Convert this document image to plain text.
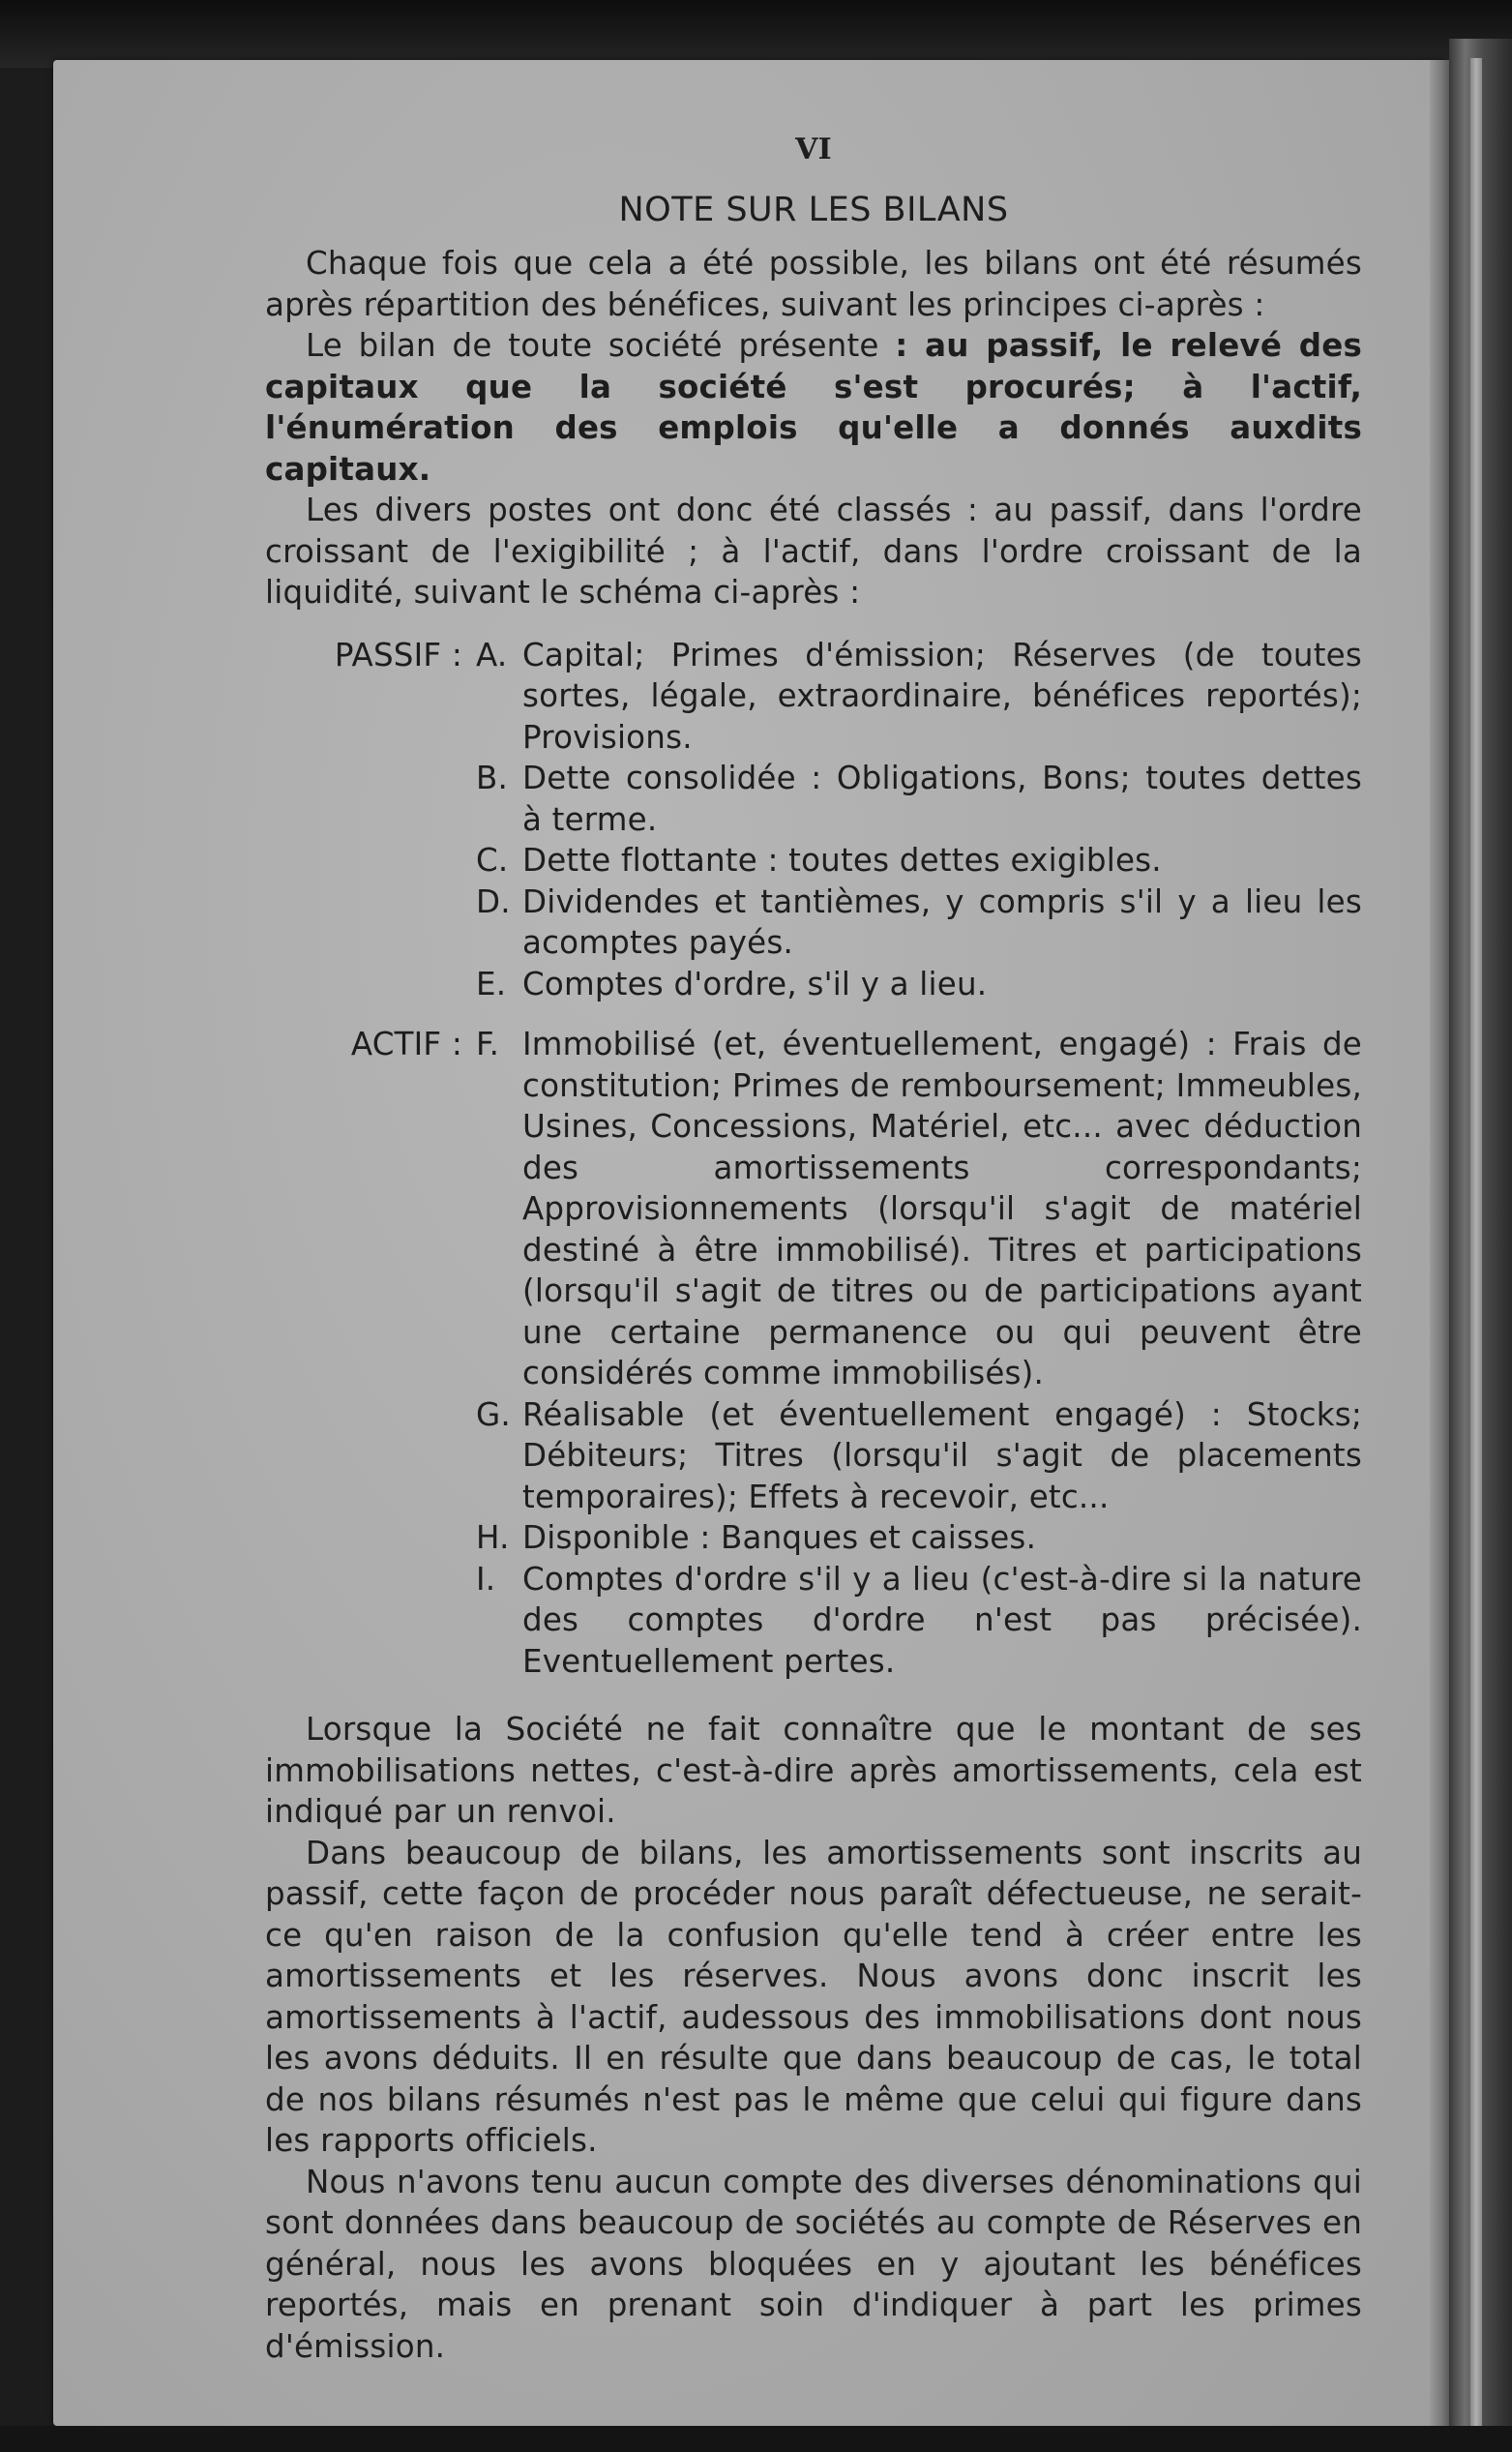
VI
NOTE SUR LES BILANS

Chaque fois que cela a été possible, les bilans ont été résumés après répartition des bénéfices, suivant les principes ci-après :

Le bilan de toute société présente : au passif, le relevé des capitaux que la société s'est procurés; à l'actif, l'énumération des emplois qu'elle a donnés auxdits capitaux.

Les divers postes ont donc été classés : au passif, dans l'ordre croissant de l'exigibilité ; à l'actif, dans l'ordre croissant de la liquidité, suivant le schéma ci-après :

PASSIF : A. Capital; Primes d'émission; Réserves (de toutes sortes, légale, extraordinaire, bénéfices reportés); Provisions.
B. Dette consolidée : Obligations, Bons; toutes dettes à terme.
C. Dette flottante : toutes dettes exigibles.
D. Dividendes et tantièmes, y compris s'il y a lieu les acomptes payés.
E. Comptes d'ordre, s'il y a lieu.
ACTIF : F. Immobilisé (et, éventuellement, engagé) : Frais de constitution; Primes de remboursement; Immeubles, Usines, Concessions, Matériel, etc... avec déduction des amortissements correspondants; Approvisionnements (lorsqu'il s'agit de matériel destiné à être immobilisé). Titres et participations (lorsqu'il s'agit de titres ou de participations ayant une certaine permanence ou qui peuvent être considérés comme immobilisés).
G. Réalisable (et éventuellement engagé) : Stocks; Débiteurs; Titres (lorsqu'il s'agit de placements temporaires); Effets à recevoir, etc...
H. Disponible : Banques et caisses.
I. Comptes d'ordre s'il y a lieu (c'est-à-dire si la nature des comptes d'ordre n'est pas précisée). Eventuellement pertes.

Lorsque la Société ne fait connaître que le montant de ses immobilisations nettes, c'est-à-dire après amortissements, cela est indiqué par un renvoi.

Dans beaucoup de bilans, les amortissements sont inscrits au passif, cette façon de procéder nous paraît défectueuse, ne serait-ce qu'en raison de la confusion qu'elle tend à créer entre les amortissements et les réserves. Nous avons donc inscrit les amortissements à l'actif, audessous des immobilisations dont nous les avons déduits. Il en résulte que dans beaucoup de cas, le total de nos bilans résumés n'est pas le même que celui qui figure dans les rapports officiels.

Nous n'avons tenu aucun compte des diverses dénominations qui sont données dans beaucoup de sociétés au compte de Réserves en général, nous les avons bloquées en y ajoutant les bénéfices reportés, mais en prenant soin d'indiquer à part les primes d'émission.
